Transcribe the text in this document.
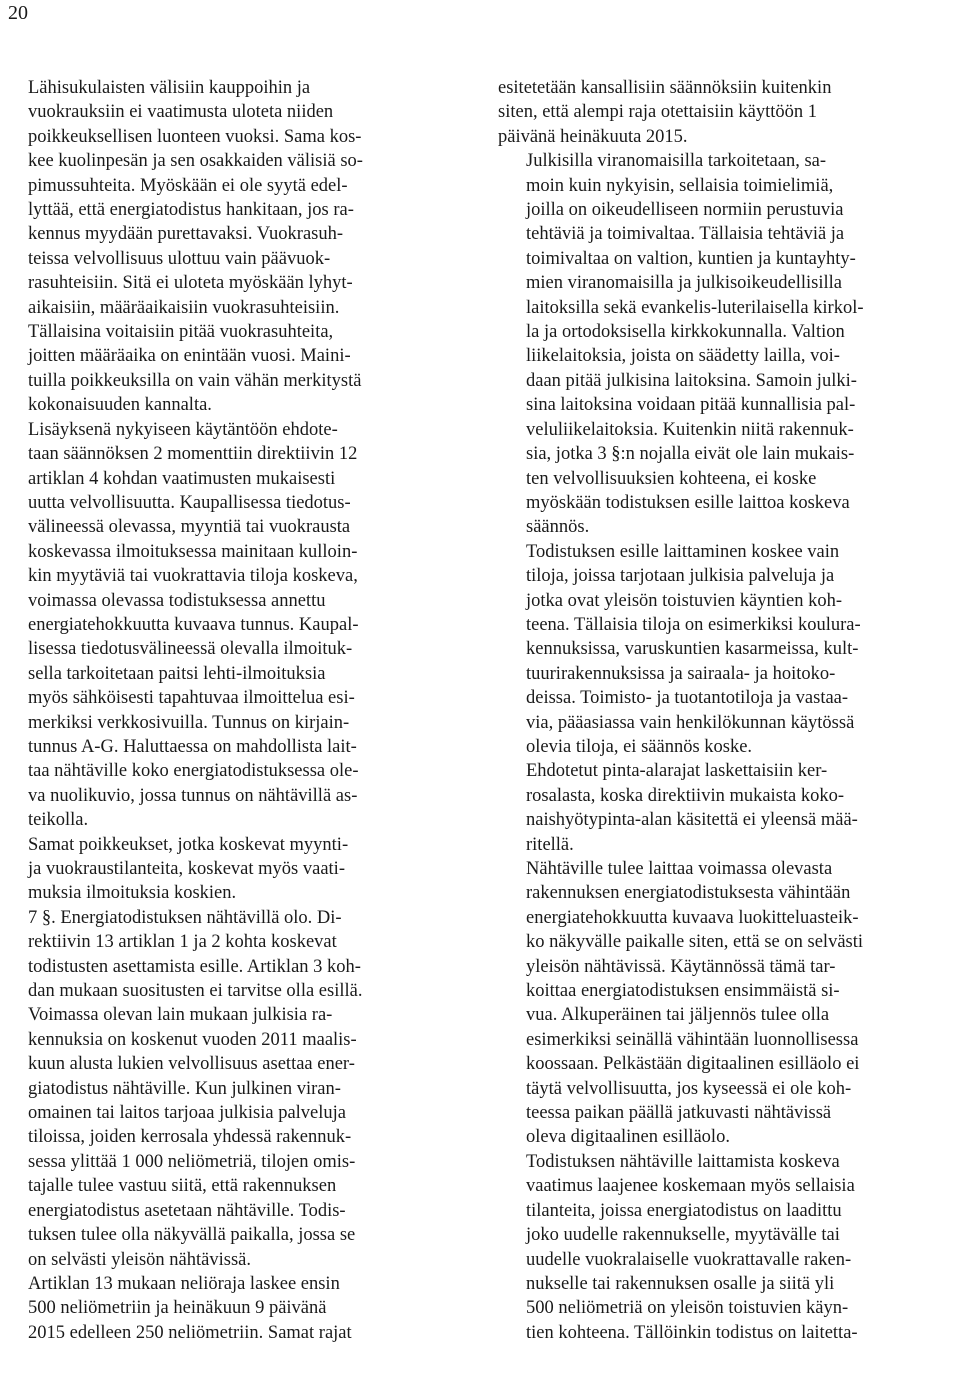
20

Lähisukulaisten välisiin kauppoihin ja
vuokrauksiin ei vaatimusta uloteta niiden
poikkeuksellisen luonteen vuoksi. Sama kos-
kee kuolinpesän ja sen osakkaiden välisiä so-
pimussuhteita. Myöskään ei ole syytä edel-
lyttää, että energiatodistus hankitaan, jos ra-
kennus myydään purettavaksi. Vuokrasuh-
teissa velvollisuus ulottuu vain päävuok-
rasuhteisiin. Sitä ei uloteta myöskään lyhyt-
aikaisiin, määräaikaisiin vuokrasuhteisiin.
Tällaisina voitaisiin pitää vuokrasuhteita,
joitten määräaika on enintään vuosi. Maini-
tuilla poikkeuksilla on vain vähän merkitystä
kokonaisuuden kannalta.

Lisäyksenä nykyiseen käytäntöön ehdote-
taan säännöksen 2 momenttiin direktiivin 12
artiklan 4 kohdan vaatimusten mukaisesti
uutta velvollisuutta. Kaupallisessa tiedotus-
välineessä olevassa, myyntiä tai vuokrausta
koskevassa ilmoituksessa mainitaan kulloin-
kin myytäviä tai vuokrattavia tiloja koskeva,
voimassa olevassa todistuksessa annettu
energiatehokkuutta kuvaava tunnus. Kaupal-
lisessa tiedotusvälineessä olevalla ilmoituk-
sella tarkoitetaan paitsi lehti-ilmoituksia
myös sähköisesti tapahtuvaa ilmoittelua esi-
merkiksi verkkosivuilla. Tunnus on kirjain-
tunnus A-G. Haluttaessa on mahdollista lait-
taa nähtäville koko energiatodistuksessa ole-
va nuolikuvio, jossa tunnus on nähtävillä as-
teikolla.

Samat poikkeukset, jotka koskevat myynti-
ja vuokraustilanteita, koskevat myös vaati-
muksia ilmoituksia koskien.

7 §. Energiatodistuksen nähtävillä olo. Di-
rektiivin 13 artiklan 1 ja 2 kohta koskevat
todistusten asettamista esille. Artiklan 3 koh-
dan mukaan suositusten ei tarvitse olla esillä.

Voimassa olevan lain mukaan julkisia ra-
kennuksia on koskenut vuoden 2011 maalis-
kuun alusta lukien velvollisuus asettaa ener-
giatodistus nähtäville. Kun julkinen viran-
omainen tai laitos tarjoaa julkisia palveluja
tiloissa, joiden kerrosala yhdessä rakennuk-
sessa ylittää 1 000 neliömetriä, tilojen omis-
tajalle tulee vastuu siitä, että rakennuksen
energiatodistus asetetaan nähtäville. Todis-
tuksen tulee olla näkyvällä paikalla, jossa se
on selvästi yleisön nähtävissä.

Artiklan 13 mukaan neliöraja laskee ensin
500 neliömetriin ja heinäkuun 9 päivänä
2015 edelleen 250 neliömetriin. Samat rajat

esitetetään kansallisiin säännöksiin kuitenkin
siten, että alempi raja otettaisiin käyttöön 1
päivänä heinäkuuta 2015.

Julkisilla viranomaisilla tarkoitetaan, sa-
moin kuin nykyisin, sellaisia toimielimiä,
joilla on oikeudelliseen normiin perustuvia
tehtäviä ja toimivaltaa. Tällaisia tehtäviä ja
toimivaltaa on valtion, kuntien ja kuntayhty-
mien viranomaisilla ja julkisoikeudellisilla
laitoksilla sekä evankelis-luterilaisella kirkol-
la ja ortodoksisella kirkkokunnalla. Valtion
liikelaitoksia, joista on säädetty lailla, voi-
daan pitää julkisina laitoksina. Samoin julki-
sina laitoksina voidaan pitää kunnallisia pal-
veluliikelaitoksia. Kuitenkin niitä rakennuk-
sia, jotka 3 §:n nojalla eivät ole lain mukais-
ten velvollisuuksien kohteena, ei koske
myöskään todistuksen esille laittoa koskeva
säännös.

Todistuksen esille laittaminen koskee vain
tiloja, joissa tarjotaan julkisia palveluja ja
jotka ovat yleisön toistuvien käyntien koh-
teena. Tällaisia tiloja on esimerkiksi koulura-
kennuksissa, varuskuntien kasarmeissa, kult-
tuurirakennuksissa ja sairaala- ja hoitoko-
deissa. Toimisto- ja tuotantotiloja ja vastaa-
via, pääasiassa vain henkilökunnan käytössä
olevia tiloja, ei säännös koske.

Ehdotetut pinta-alarajat laskettaisiin ker-
rosalasta, koska direktiivin mukaista koko-
naishyötypinta-alan käsitettä ei yleensä mää-
ritellä.

Nähtäville tulee laittaa voimassa olevasta
rakennuksen energiatodistuksesta vähintään
energiatehokkuutta kuvaava luokitteluasteik-
ko näkyvälle paikalle siten, että se on selvästi
yleisön nähtävissä. Käytännössä tämä tar-
koittaa energiatodistuksen ensimmäistä si-
vua. Alkuperäinen tai jäljennös tulee olla
esimerkiksi seinällä vähintään luonnollisessa
koossaan. Pelkästään digitaalinen esilläolo ei
täytä velvollisuutta, jos kyseessä ei ole koh-
teessa paikan päällä jatkuvasti nähtävissä
oleva digitaalinen esilläolo.

Todistuksen nähtäville laittamista koskeva
vaatimus laajenee koskemaan myös sellaisia
tilanteita, joissa energiatodistus on laadittu
joko uudelle rakennukselle, myytävälle tai
uudelle vuokralaiselle vuokrattavalle raken-
nukselle tai rakennuksen osalle ja siitä yli
500 neliömetriä on yleisön toistuvien käyn-
tien kohteena. Tällöinkin todistus on laitetta-
